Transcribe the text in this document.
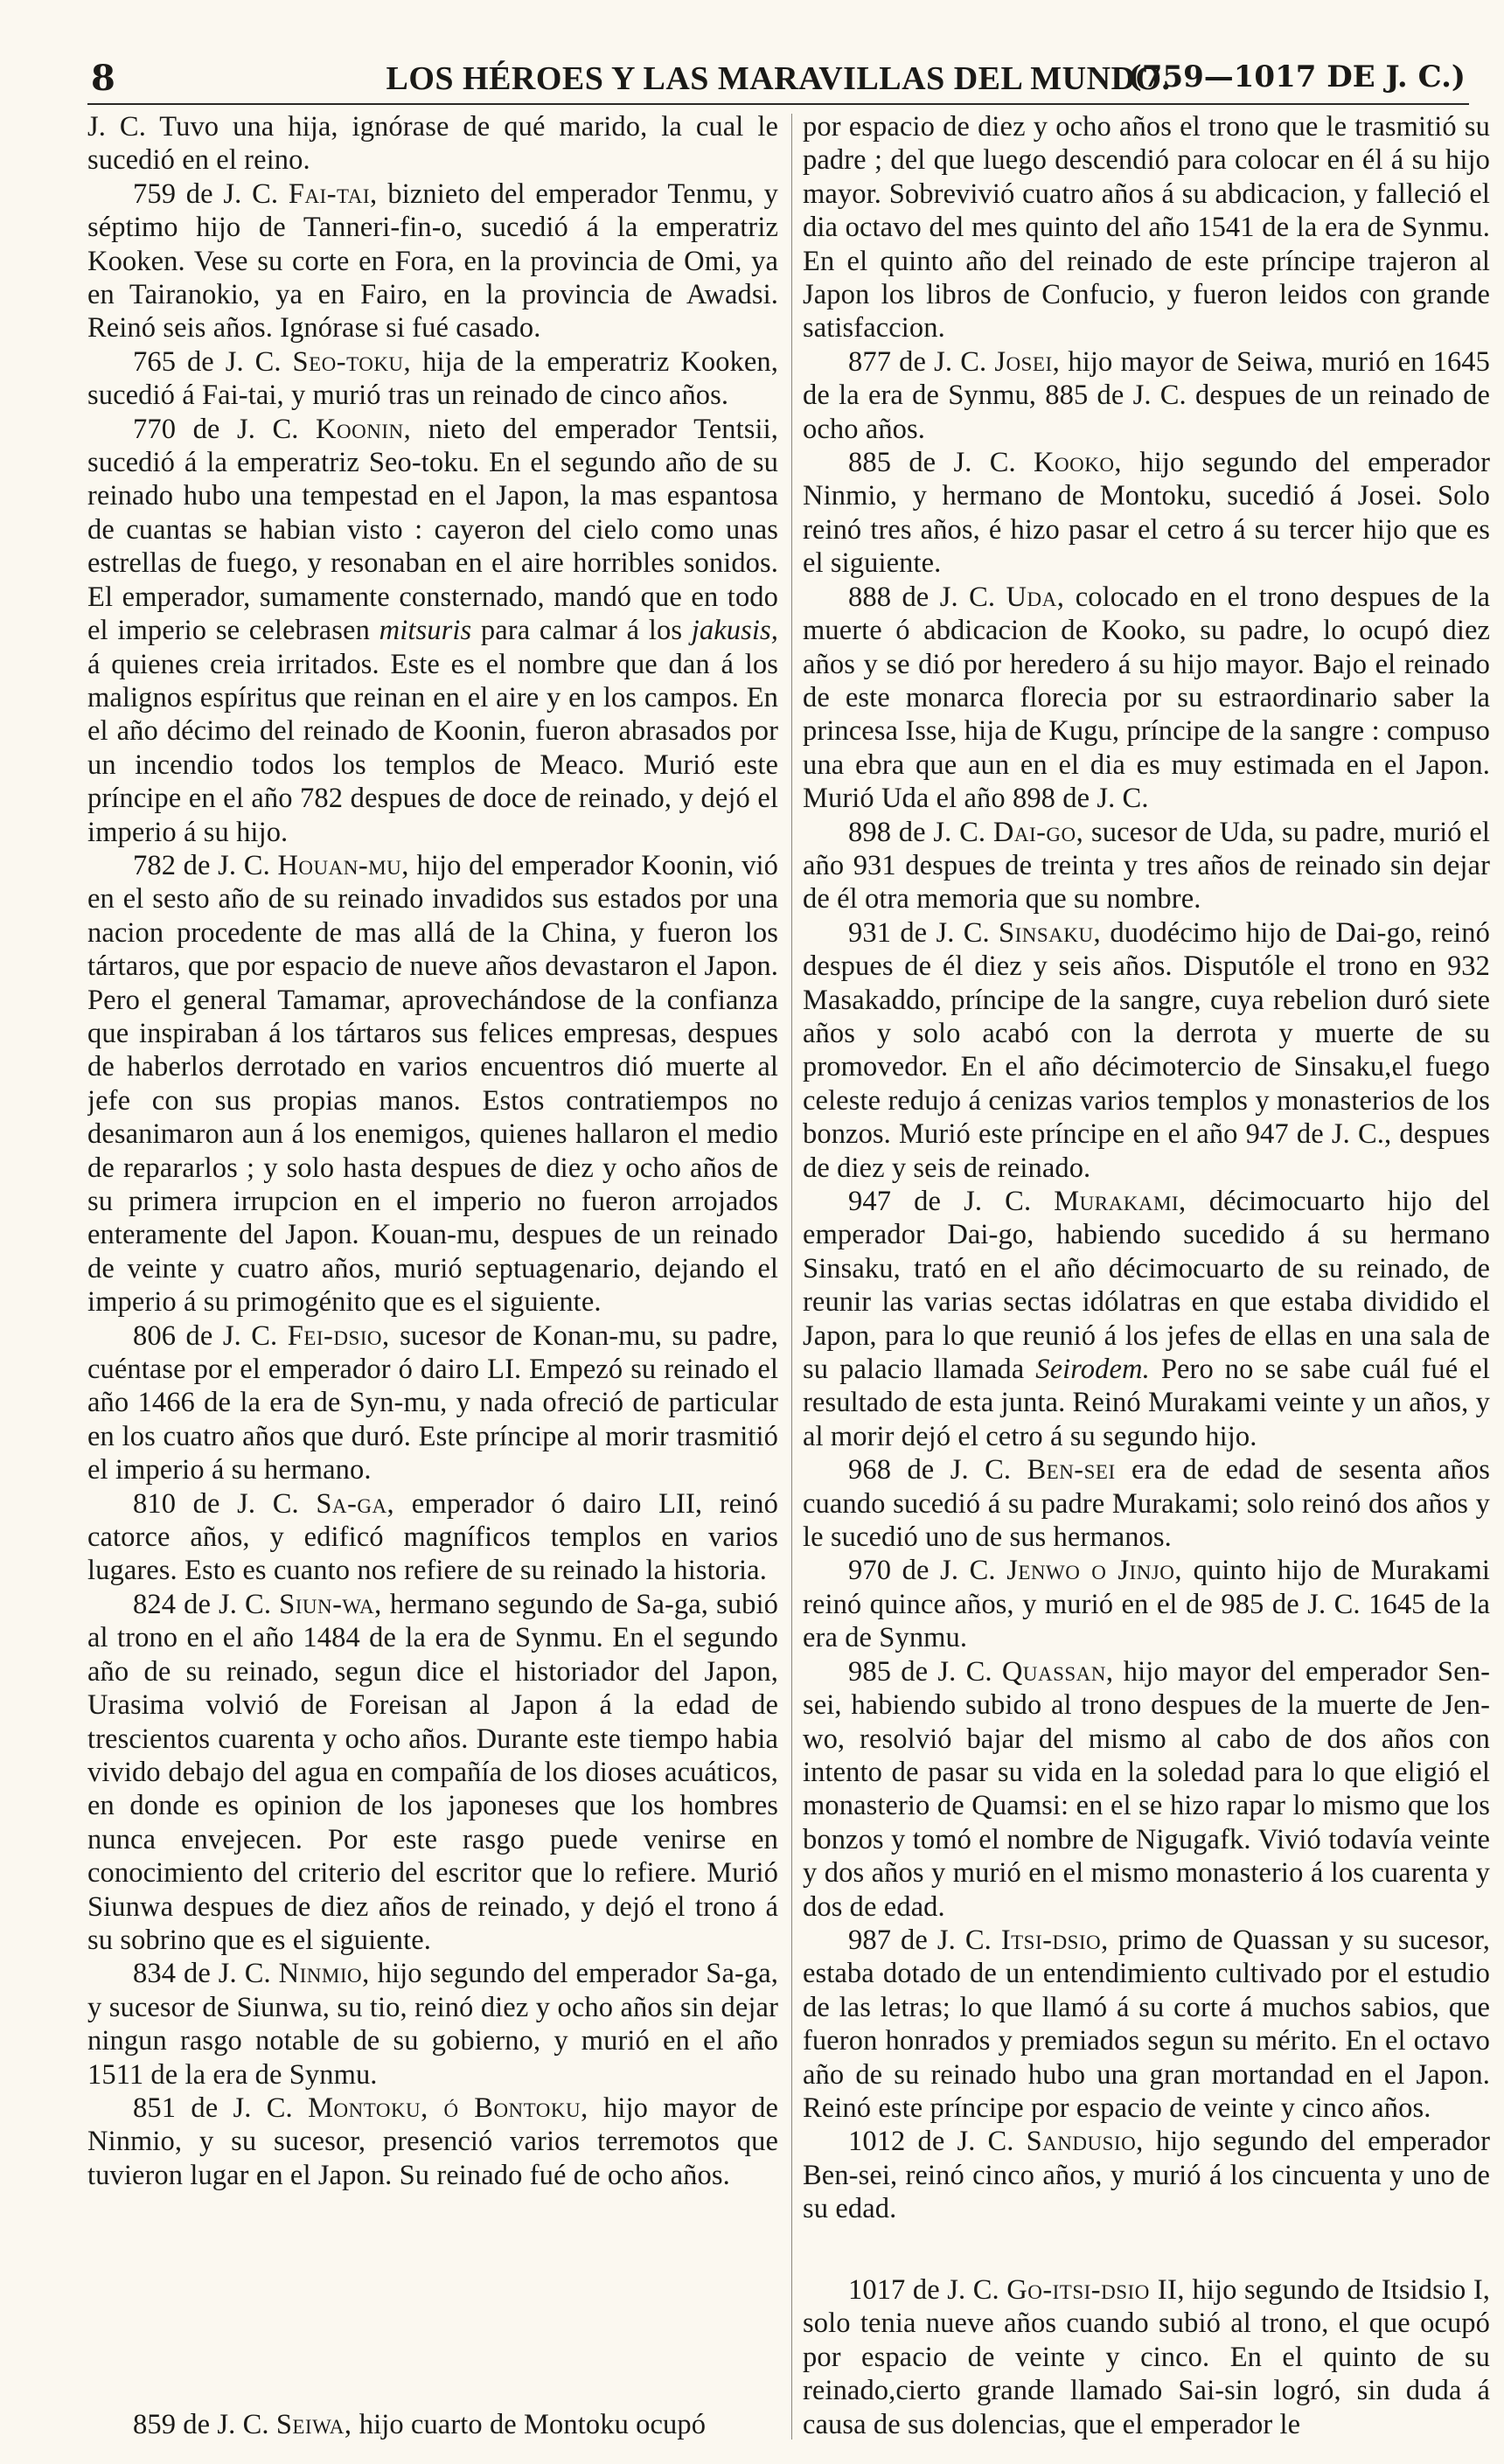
8	LOS HÉROES Y LAS MARAVILLAS DEL MUNDO.
(759—1017 DE J. C.)

J. C. Tuvo una hija, ignórase de qué marido, la cual le sucedió en el reino.

759 de J. C. Fai-tai, biznieto del emperador Tenmu, y séptimo hijo de Tanneri-fin-o, sucedió á la emperatriz Kooken. Vese su corte en Fora, en la provincia de Omi, ya en Tairanokio, ya en Fairo, en la provincia de Awadsi. Reinó seis años. Ignórase si fué casado.

765 de J. C. Seo-toku, hija de la emperatriz Kooken, sucedió á Fai-tai, y murió tras un reinado de cinco años.

770 de J. C. Koonin, nieto del emperador Tentsii, sucedió á la emperatriz Seo-toku. En el segundo año de su reinado hubo una tempestad en el Japon, la mas espantosa de cuantas se habian visto : cayeron del cielo como unas estrellas de fuego, y resonaban en el aire horribles sonidos. El emperador, sumamente consternado, mandó que en todo el imperio se celebrasen mitsuris para calmar á los jakusis, á quienes creia irritados. Este es el nombre que dan á los malignos espíritus que reinan en el aire y en los campos. En el año décimo del reinado de Koonin, fueron abrasados por un incendio todos los templos de Meaco. Murió este príncipe en el año 782 despues de doce de reinado, y dejó el imperio á su hijo.

782 de J. C. Houan-mu, hijo del emperador Koonin, vió en el sesto año de su reinado invadidos sus estados por una nacion procedente de mas allá de la China, y fueron los tártaros, que por espacio de nueve años devastaron el Japon. Pero el general Tamamar, aprovechándose de la confianza que inspiraban á los tártaros sus felices empresas, despues de haberlos derrotado en varios encuentros dió muerte al jefe con sus propias manos. Estos contratiempos no desanimaron aun á los enemigos, quienes hallaron el medio de repararlos ; y solo hasta despues de diez y ocho años de su primera irrupcion en el imperio no fueron arrojados enteramente del Japon. Kouan-mu, despues de un reinado de veinte y cuatro años, murió septuagenario, dejando el imperio á su primogénito que es el siguiente.

806 de J. C. Fei-dsio, sucesor de Konan-mu, su padre, cuéntase por el emperador ó dairo LI. Empezó su reinado el año 1466 de la era de Syn-mu, y nada ofreció de particular en los cuatro años que duró. Este príncipe al morir trasmitió el imperio á su hermano.

810 de J. C. Sa-ga, emperador ó dairo LII, reinó catorce años, y edificó magníficos templos en varios lugares. Esto es cuanto nos refiere de su reinado la historia.

824 de J. C. Siun-wa, hermano segundo de Sa-ga, subió al trono en el año 1484 de la era de Synmu. En el segundo año de su reinado, segun dice el historiador del Japon, Urasima volvió de Foreisan al Japon á la edad de trescientos cuarenta y ocho años. Durante este tiempo habia vivido debajo del agua en compañía de los dioses acuáticos, en donde es opinion de los japoneses que los hombres nunca envejecen. Por este rasgo puede venirse en conocimiento del criterio del escritor que lo refiere. Murió Siunwa despues de diez años de reinado, y dejó el trono á su sobrino que es el siguiente.

834 de J. C. Ninmio, hijo segundo del emperador Sa-ga, y sucesor de Siunwa, su tio, reinó diez y ocho años sin dejar ningun rasgo notable de su gobierno, y murió en el año 1511 de la era de Synmu.

851 de J. C. Montoku, ó Bontoku, hijo mayor de Ninmio, y su sucesor, presenció varios terremotos que tuvieron lugar en el Japon. Su reinado fué de ocho años.

859 de J. C. Seiwa, hijo cuarto de Montoku ocupó

por espacio de diez y ocho años el trono que le trasmitió su padre ; del que luego descendió para colocar en él á su hijo mayor. Sobrevivió cuatro años á su abdicacion, y falleció el dia octavo del mes quinto del año 1541 de la era de Synmu. En el quinto año del reinado de este príncipe trajeron al Japon los libros de Confucio, y fueron leidos con grande satisfaccion.

877 de J. C. Josei, hijo mayor de Seiwa, murió en 1645 de la era de Synmu, 885 de J. C. despues de un reinado de ocho años.

885 de J. C. Kooko, hijo segundo del emperador Ninmio, y hermano de Montoku, sucedió á Josei. Solo reinó tres años, é hizo pasar el cetro á su tercer hijo que es el siguiente.

888 de J. C. Uda, colocado en el trono despues de la muerte ó abdicacion de Kooko, su padre, lo ocupó diez años y se dió por heredero á su hijo mayor. Bajo el reinado de este monarca florecia por su estraordinario saber la princesa Isse, hija de Kugu, príncipe de la sangre : compuso una ebra que aun en el dia es muy estimada en el Japon. Murió Uda el año 898 de J. C.

898 de J. C. Dai-go, sucesor de Uda, su padre, murió el año 931 despues de treinta y tres años de reinado sin dejar de él otra memoria que su nombre.

931 de J. C. Sinsaku, duodécimo hijo de Dai-go, reinó despues de él diez y seis años. Disputóle el trono en 932 Masakaddo, príncipe de la sangre, cuya rebelion duró siete años y solo acabó con la derrota y muerte de su promovedor. En el año décimotercio de Sinsaku,el fuego celeste redujo á cenizas varios templos y monasterios de los bonzos. Murió este príncipe en el año 947 de J. C., despues de diez y seis de reinado.

947 de J. C. Murakami, décimocuarto hijo del emperador Dai-go, habiendo sucedido á su hermano Sinsaku, trató en el año décimocuarto de su reinado, de reunir las varias sectas idólatras en que estaba dividido el Japon, para lo que reunió á los jefes de ellas en una sala de su palacio llamada Seirodem. Pero no se sabe cuál fué el resultado de esta junta. Reinó Murakami veinte y un años, y al morir dejó el cetro á su segundo hijo.

968 de J. C. Ben-sei era de edad de sesenta años cuando sucedió á su padre Murakami; solo reinó dos años y le sucedió uno de sus hermanos.

970 de J. C. Jenwo o Jinjo, quinto hijo de Murakami reinó quince años, y murió en el de 985 de J. C. 1645 de la era de Synmu.

985 de J. C. Quassan, hijo mayor del emperador Sen-sei, habiendo subido al trono despues de la muerte de Jen-wo, resolvió bajar del mismo al cabo de dos años con intento de pasar su vida en la soledad para lo que eligió el monasterio de Quamsi: en el se hizo rapar lo mismo que los bonzos y tomó el nombre de Nigugafk. Vivió todavía veinte y dos años y murió en el mismo monasterio á los cuarenta y dos de edad.

987 de J. C. Itsi-dsio, primo de Quassan y su sucesor, estaba dotado de un entendimiento cultivado por el estudio de las letras; lo que llamó á su corte á muchos sabios, que fueron honrados y premiados segun su mérito. En el octavo año de su reinado hubo una gran mortandad en el Japon. Reinó este príncipe por espacio de veinte y cinco años.

1012 de J. C. Sandusio, hijo segundo del emperador Ben-sei, reinó cinco años, y murió á los cincuenta y uno de su edad.

1017 de J. C. Go-itsi-dsio II, hijo segundo de Itsidsio I, solo tenia nueve años cuando subió al trono, el que ocupó por espacio de veinte y cinco. En el quinto de su reinado,cierto grande llamado Sai-sin logró, sin duda á causa de sus dolencias, que el emperador le
